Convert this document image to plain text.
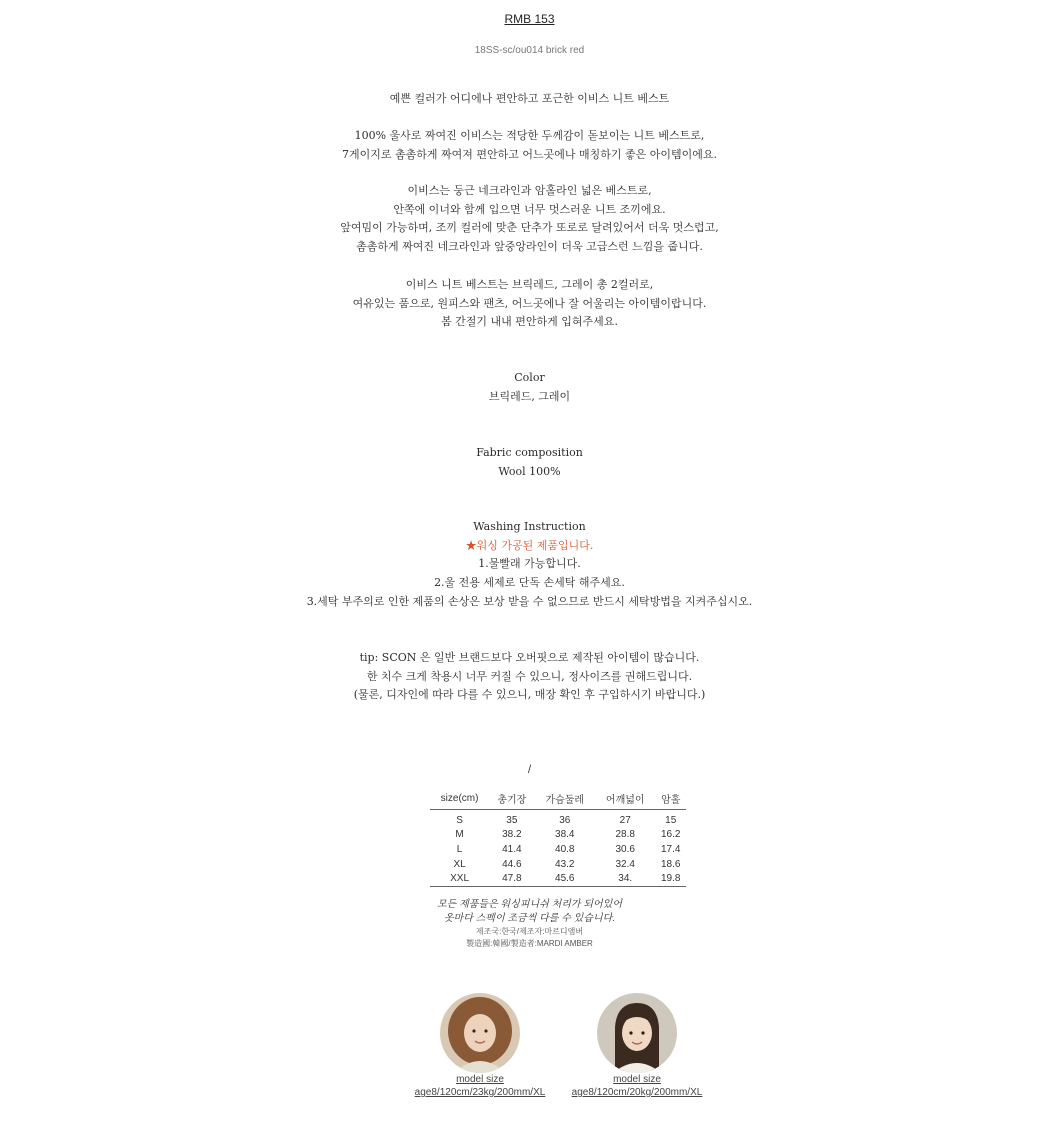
RMB 153
18SS-sc/ou014 brick red
예쁜 컬러가 어디에나 편안하고 포근한 이비스 니트 베스트
100% 울사로 짜여진 이비스는 적당한 두께감이 돋보이는 니트 베스트로,
7게이지로 촘촘하게 짜여져 편안하고 어느곳에나 매칭하기 좋은 아이템이에요.
이비스는 둥근 네크라인과 암홀라인 넓은 베스트로,
안쪽에 이너와 함께 입으면 너무 멋스러운 니트 조끼에요.
앞여밈이 가능하며, 조끼 컬러에 맞춘 단추가 또로로 달려있어서 더욱 멋스럽고,
촘촘하게 짜여진 네크라인과 앞중앙라인이 더욱 고급스런 느낌을 줍니다.
이비스 니트 베스트는 브릭레드, 그레이 총 2컬러로,
여유있는 품으로, 원피스와 팬츠, 어느곳에나 잘 어울리는 아이템이랍니다.
봄 간절기 내내 편안하게 입혀주세요.
Color
브릭레드, 그레이
Fabric composition
Wool 100%
Washing Instruction
★워싱 가공된 제품입니다.
1.물빨래 가능합니다.
2.울 전용 세제로 단독 손세탁 해주세요.
3.세탁 부주의로 인한 제품의 손상은 보상 받을 수 없으므로 반드시 세탁방법을 지켜주십시오.
tip: SCON 은 일반 브랜드보다 오버핏으로 제작된 아이템이 많습니다.
한 치수 크게 착용시 너무 커질 수 있으니, 정사이즈를 권해드립니다.
(물론, 디자인에 따라 다를 수 있으니, 매장 확인 후 구입하시기 바랍니다.)
/
size(cm)	총기장	가슴둘레	어깨넓이	암홀
S	35	36	27	15
M	38.2	38.4	28.8	16.2
L	41.4	40.8	30.6	17.4
XL	44.6	43.2	32.4	18.6
XXL	47.8	45.6	34.	19.8

모든 제품들은 워싱피니쉬 처리가 되어있어
옷마다 스펙이 조금씩 다를 수 있습니다.
제조국:한국/제조자:마르디앰버
製造國:韓國/製造者:MARDI AMBER
model size
age8/120cm/23kg/200mm/XL
model size
age8/120cm/20kg/200mm/XL
